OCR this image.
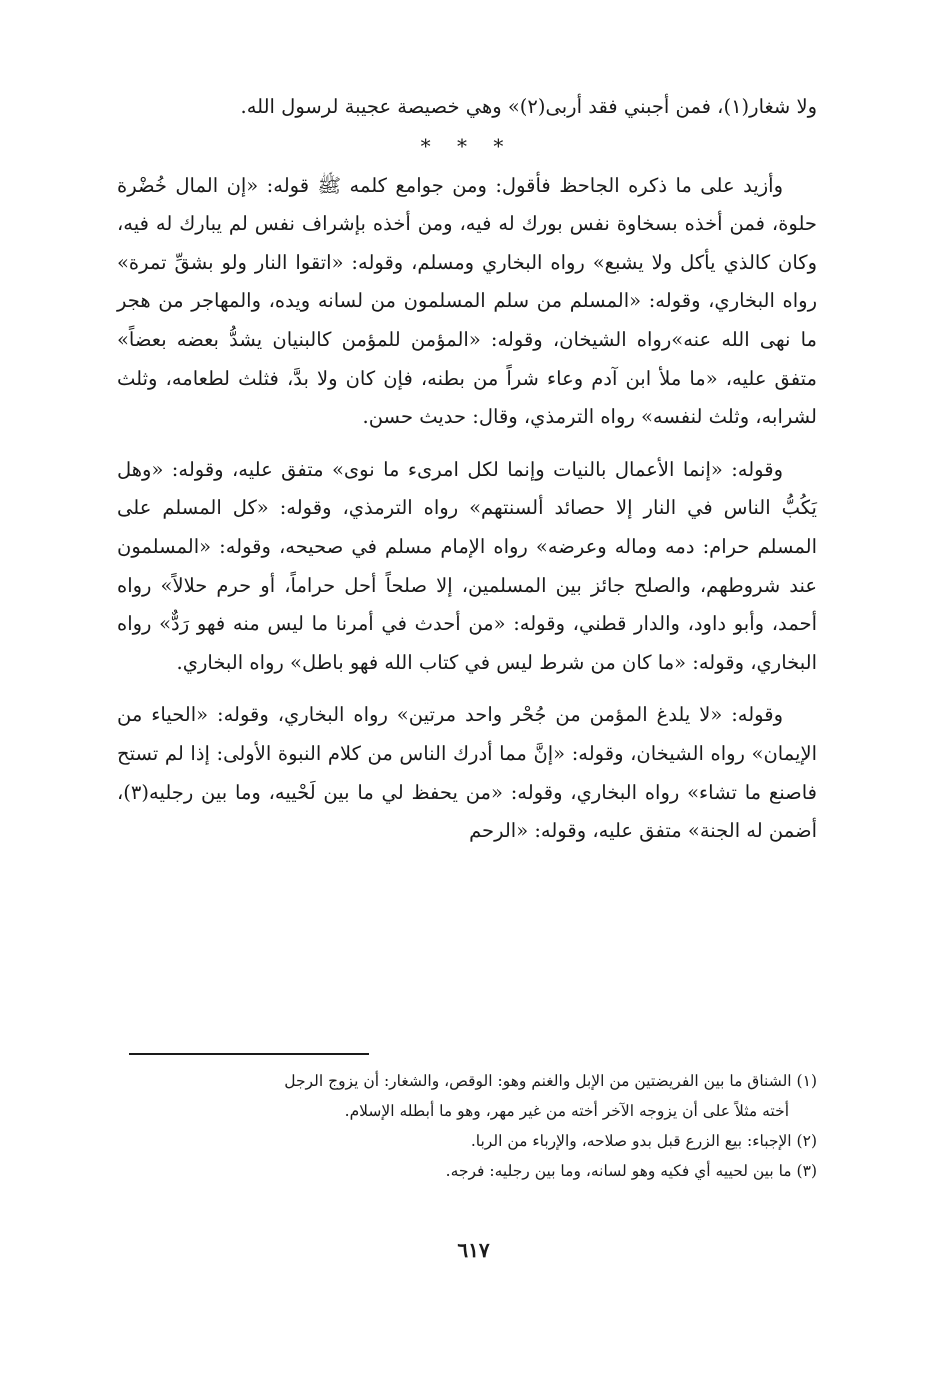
ولا شغار(١)، فمن أجبني فقد أربى(٢)» وهي خصيصة عجيبة لرسول الله.

* * *

وأزيد على ما ذكره الجاحظ فأقول: ومن جوامع كلمه ﷺ قوله: «إن المال خُضْرة حلوة، فمن أخذه بسخاوة نفس بورك له فيه، ومن أخذه بإشراف نفس لم يبارك له فيه، وكان كالذي يأكل ولا يشبع» رواه البخاري ومسلم، وقوله: «اتقوا النار ولو بشقِّ تمرة» رواه البخاري، وقوله: «المسلم من سلم المسلمون من لسانه ويده، والمهاجر من هجر ما نهى الله عنه»رواه الشيخان، وقوله: «المؤمن للمؤمن كالبنيان يشدُّ بعضه بعضاً» متفق عليه، «ما ملأ ابن آدم وعاء شراً من بطنه، فإن كان ولا بدَّ، فثلث لطعامه، وثلث لشرابه، وثلث لنفسه» رواه الترمذي، وقال: حديث حسن.

وقوله: «إنما الأعمال بالنيات وإنما لكل امرىء ما نوى» متفق عليه، وقوله: «وهل يَكُبُّ الناس في النار إلا حصائد ألسنتهم» رواه الترمذي، وقوله: «كل المسلم على المسلم حرام: دمه وماله وعرضه» رواه الإمام مسلم في صحيحه، وقوله: «المسلمون عند شروطهم، والصلح جائز بين المسلمين، إلا صلحاً أحل حراماً، أو حرم حلالاً» رواه أحمد، وأبو داود، والدار قطني، وقوله: «من أحدث في أمرنا ما ليس منه فهو رَدٌّ» رواه البخاري، وقوله: «ما كان من شرط ليس في كتاب الله فهو باطل» رواه البخاري.

وقوله: «لا يلدغ المؤمن من جُحْر واحد مرتين» رواه البخاري، وقوله: «الحياء من الإيمان» رواه الشيخان، وقوله: «إنَّ مما أدرك الناس من كلام النبوة الأولى: إذا لم تستح فاصنع ما تشاء» رواه البخاري، وقوله: «من يحفظ لي ما بين لَحْييه، وما بين رجليه(٣)، أضمن له الجنة» متفق عليه، وقوله: «الرحم

(١) الشناق ما بين الفريضتين من الإبل والغنم وهو: الوقص، والشغار: أن يزوج الرجل

أخته مثلاً على أن يزوجه الآخر أخته من غير مهر، وهو ما أبطله الإسلام.

(٢) الإجباء: بيع الزرع قبل بدو صلاحه، والإرباء من الربا.

(٣) ما بين لحييه أي فكيه وهو لسانه، وما بين رجليه: فرجه.

٦١٧
